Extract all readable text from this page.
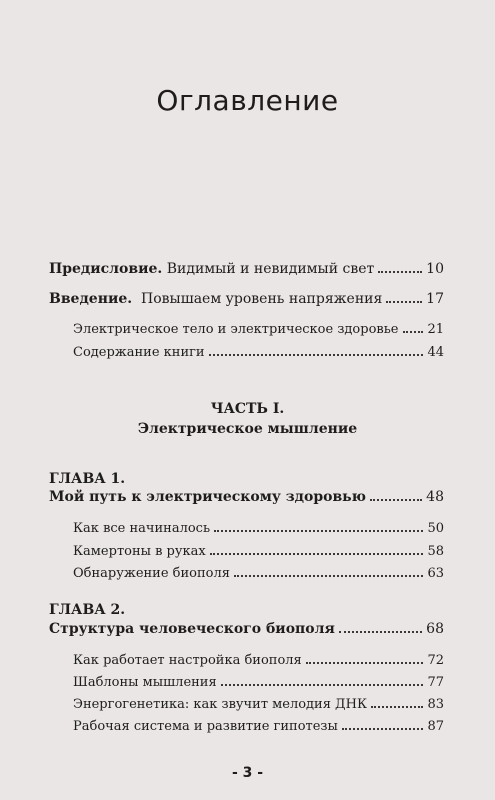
Оглавление
Предисловие. Видимый и невидимый свет	10
Введение.  Повышаем уровень напряжения	17
Электрическое тело и электрическое здоровье 21
Содержание книги	44
ЧАСТЬ I.
Электрическое мышление
ГЛАВА 1.
Мой путь к электрическому здоровью	48
Как все начиналось	50
Камертоны в руках	58
Обнаружение биополя	63
ГЛАВА 2.
Структура человеческого биополя	68
Как работает настройка биополя	72
Шаблоны мышления	77
Энергогенетика: как звучит мелодия ДНК	83
Рабочая система и развитие гипотезы	87
- 3 -
